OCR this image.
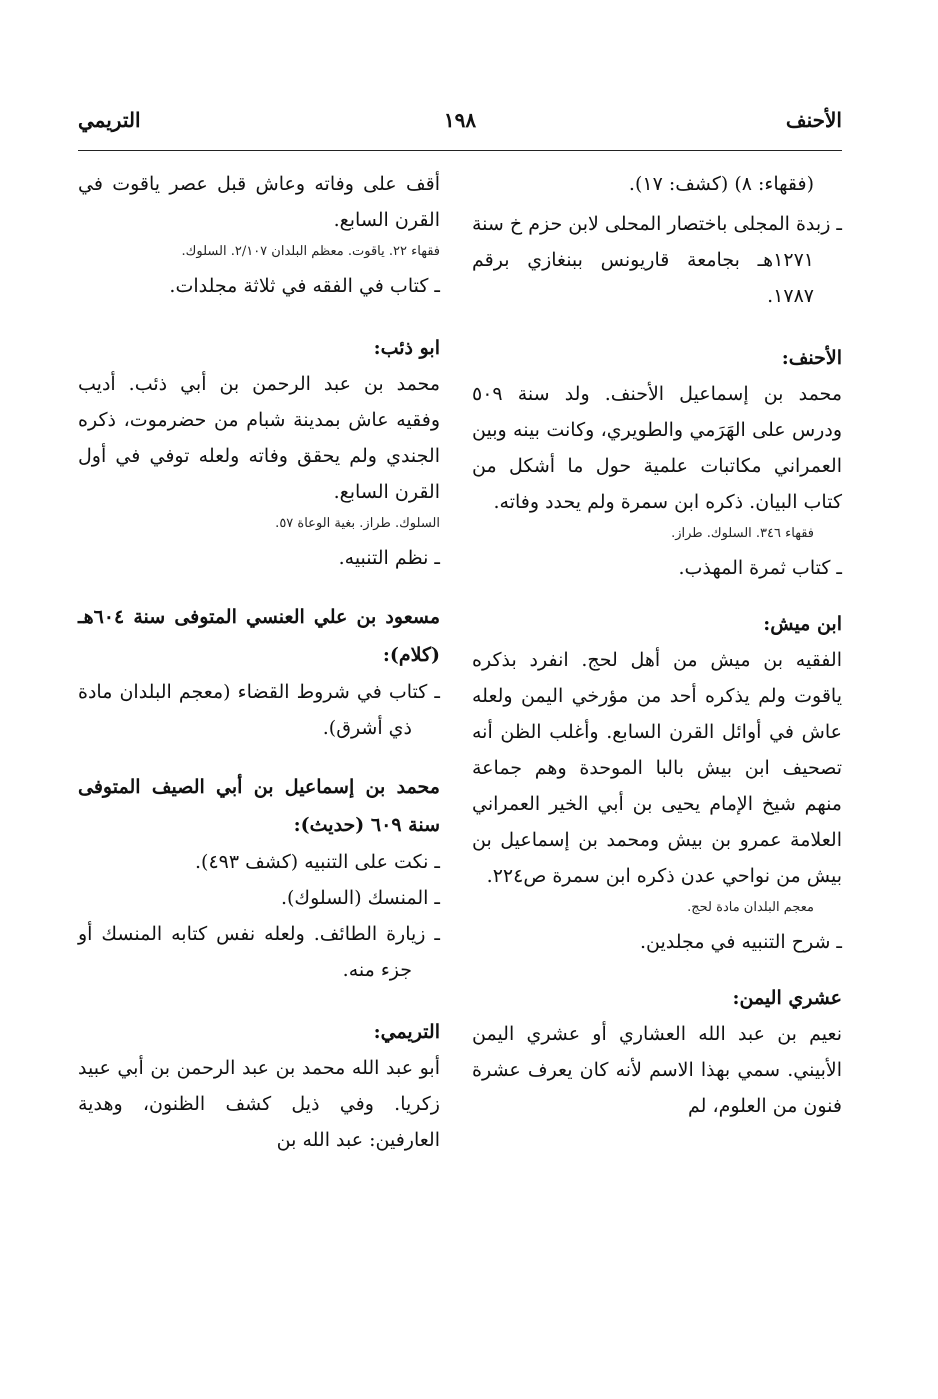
الأحنف
١٩٨
التريمي

(فقهاء: ٨) (كشف: ١٧).

ـ زبدة المجلى باختصار المحلى لابن حزم خ سنة ١٢٧١هـ بجامعة قاريونس ببنغازي برقم ١٧٨٧.

الأحنف:

محمد بن إسماعيل الأحنف. ولد سنة ٥٠٩ ودرس على الهَرَمي والطويري، وكانت بينه وبين العمراني مكاتبات علمية حول ما أشكل من كتاب البيان. ذكره ابن سمرة ولم يحدد وفاته.

فقهاء ٣٤٦. السلوك. طراز.

ـ كتاب ثمرة المهذب.

ابن ميش:

الفقيه بن ميش من أهل لحج. انفرد بذكره ياقوت ولم يذكره أحد من مؤرخي اليمن ولعله عاش في أوائل القرن السابع. وأغلب الظن أنه تصحيف ابن بيش بالبا الموحدة وهم جماعة منهم شيخ الإمام يحيى بن أبي الخير العمراني العلامة عمرو بن بيش ومحمد بن إسماعيل بن بيش من نواحي عدن ذكره ابن سمرة ص٢٢٤.

معجم البلدان مادة لحج.

ـ شرح التنبيه في مجلدين.

عشري اليمن:

نعيم بن عبد الله العشاري أو عشري اليمن الأبيني. سمي بهذا الاسم لأنه كان يعرف عشرة فنون من العلوم، لم

أقف على وفاته وعاش قبل عصر ياقوت في القرن السابع.

فقهاء ٢٢. ياقوت. معظم البلدان ٢/١٠٧. السلوك.

ـ كتاب في الفقه في ثلاثة مجلدات.

ابو ذئب:

محمد بن عبد الرحمن بن أبي ذئب. أديب وفقيه عاش بمدينة شبام من حضرموت، ذكره الجندي ولم يحقق وفاته ولعله توفي في أول القرن السابع.

السلوك. طراز. بغية الوعاة ٥٧.

ـ نظم التنبيه.

مسعود بن علي العنسي المتوفى سنة ٦٠٤هـ (كلام):

ـ كتاب في شروط القضاء (معجم البلدان مادة ذي أشرق).

محمد بن إسماعيل بن أبي الصيف المتوفى سنة ٦٠٩ (حديث):

ـ نكت على التنبيه (كشف ٤٩٣).

ـ المنسك (السلوك).

ـ زيارة الطائف. ولعله نفس كتابه المنسك أو جزء منه.

التريمي:

أبو عبد الله محمد بن عبد الرحمن بن أبي عبيد زكريا. وفي ذيل كشف الظنون، وهدية العارفين: عبد الله بن
